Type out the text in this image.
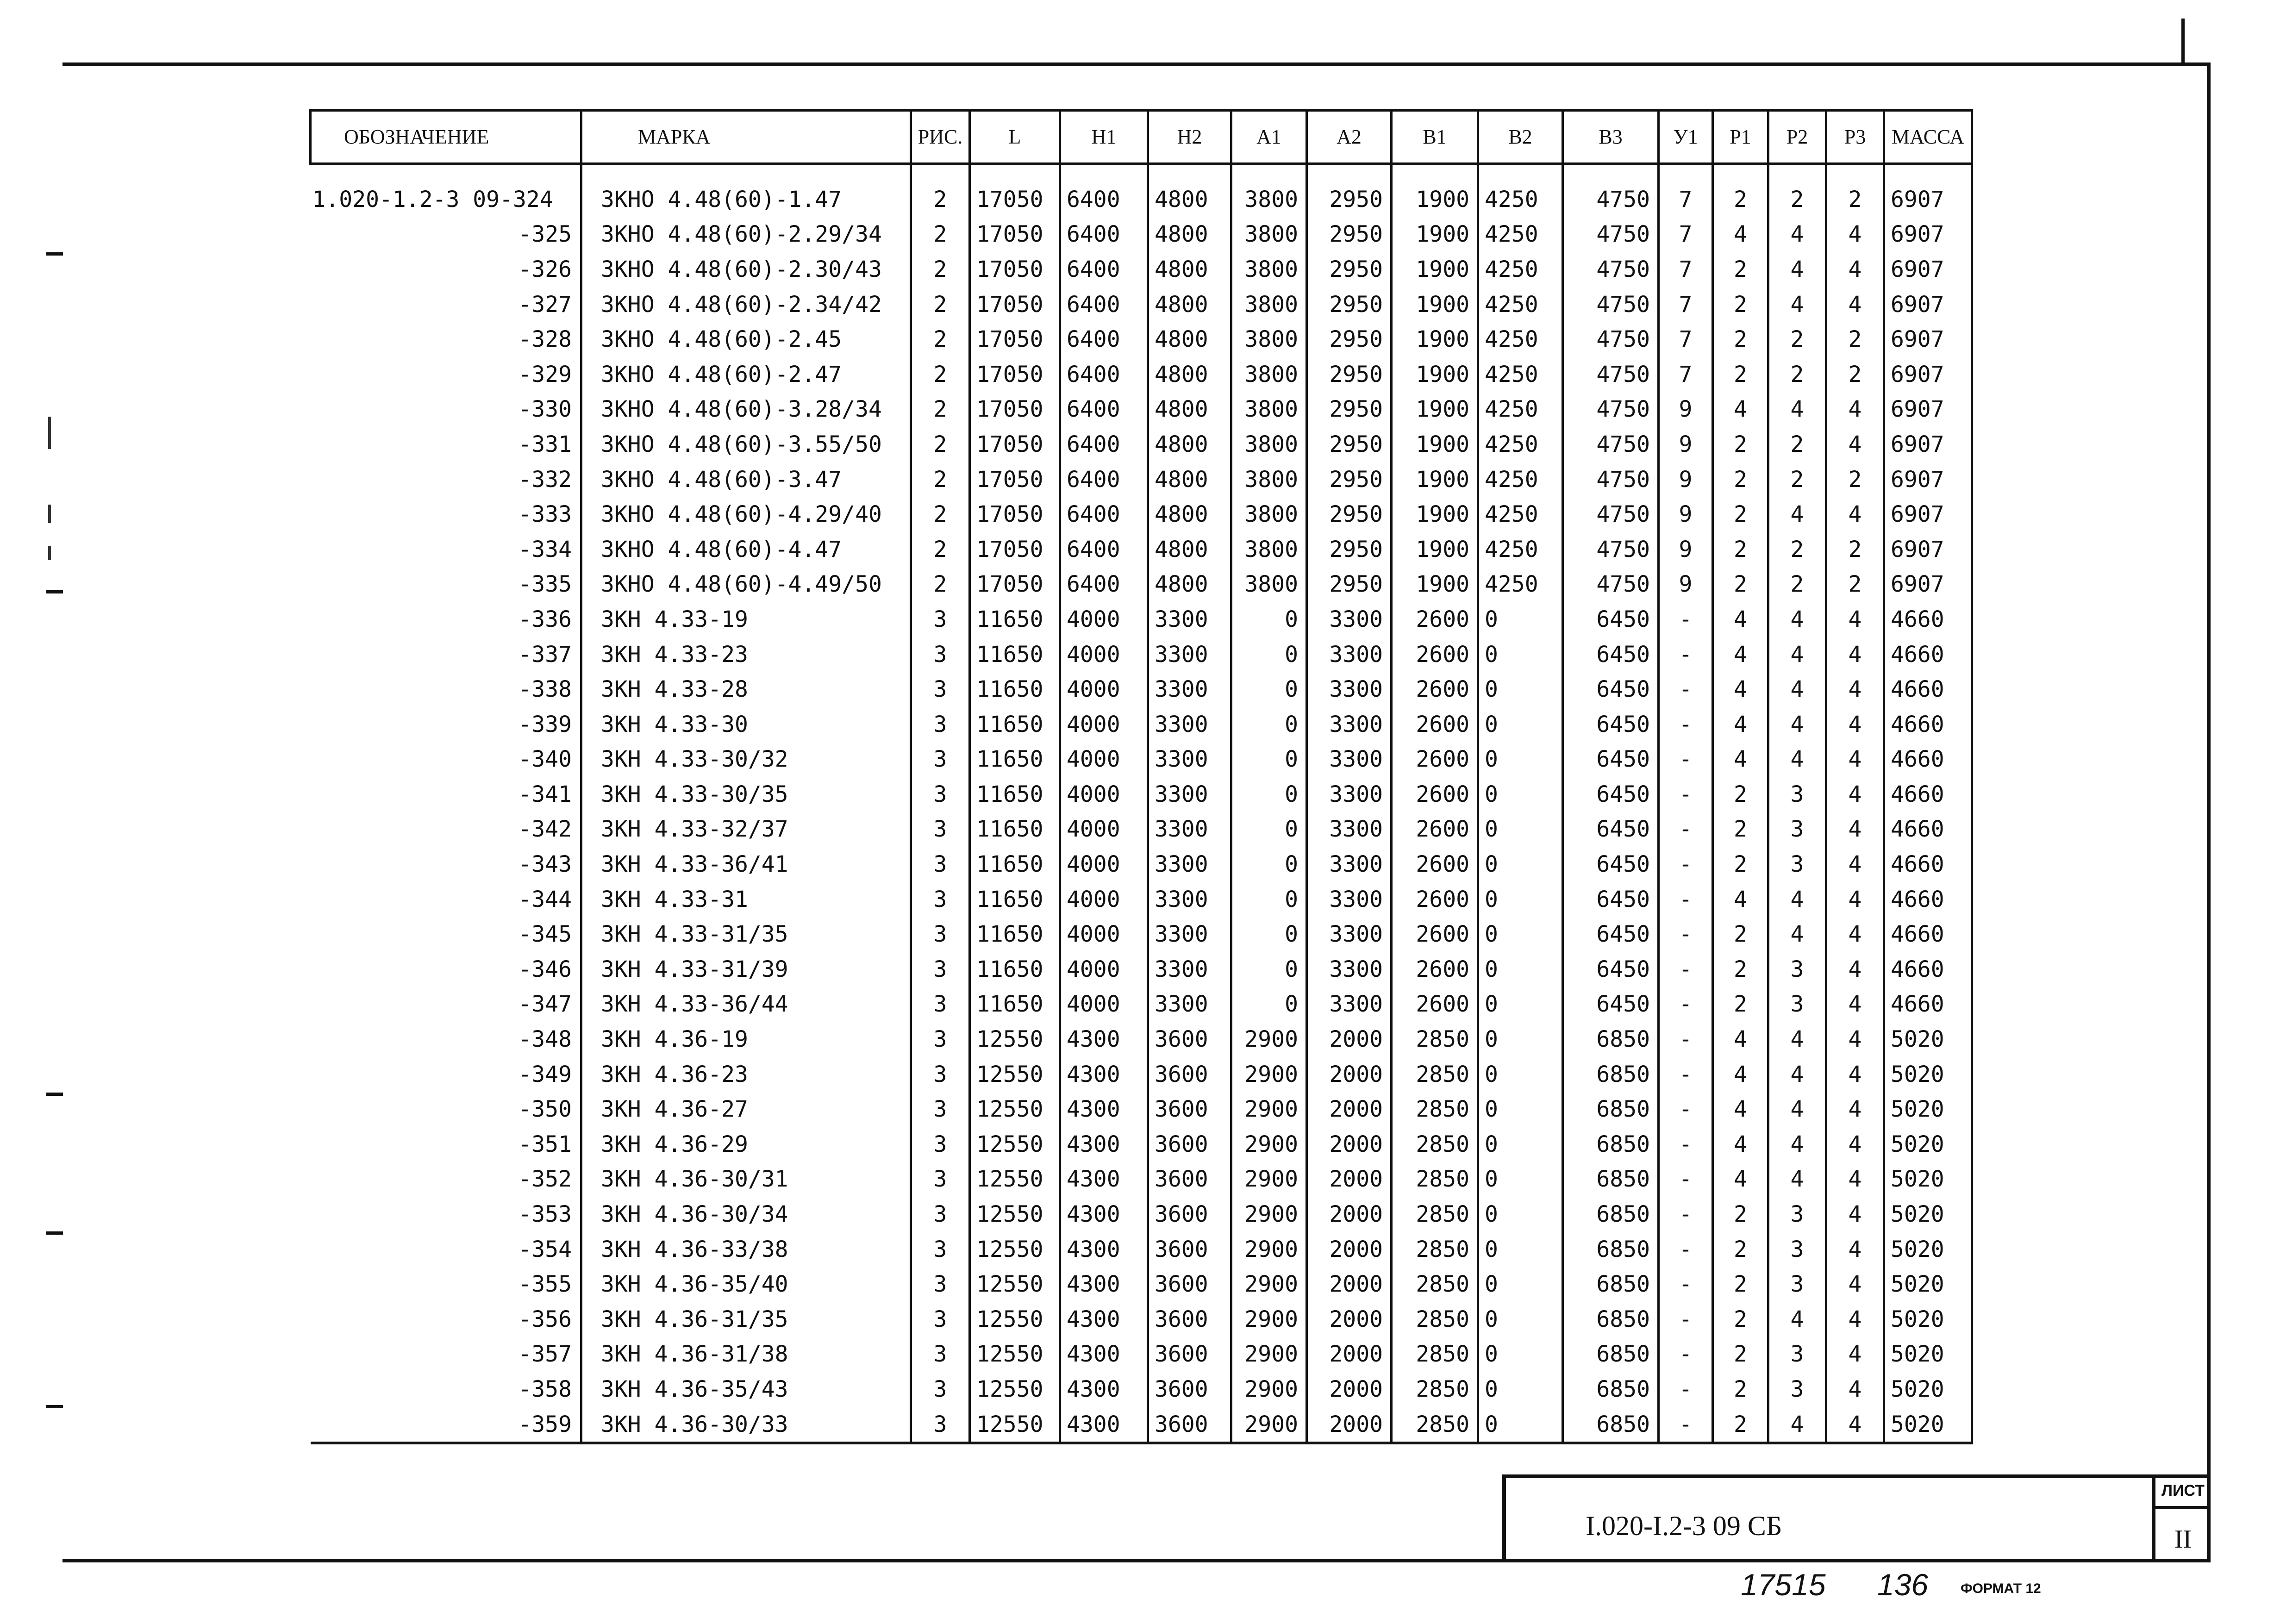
ОБОЗНАЧЕНИЕ	МАРКА	РИС.	L	H1	H2	A1	A2	B1	B2	B3	У1	P1	P2	P3	МАССА

1.020-1.2-3 09-324	3КНО 4.48(60)-1.47	2	17050	6400	4800	3800	2950	1900	4250	4750	7	2	2	2	6907
-325	3КНО 4.48(60)-2.29/34	2	17050	6400	4800	3800	2950	1900	4250	4750	7	4	4	4	6907
-326	3КНО 4.48(60)-2.30/43	2	17050	6400	4800	3800	2950	1900	4250	4750	7	2	4	4	6907
-327	3КНО 4.48(60)-2.34/42	2	17050	6400	4800	3800	2950	1900	4250	4750	7	2	4	4	6907
-328	3КНО 4.48(60)-2.45	2	17050	6400	4800	3800	2950	1900	4250	4750	7	2	2	2	6907
-329	3КНО 4.48(60)-2.47	2	17050	6400	4800	3800	2950	1900	4250	4750	7	2	2	2	6907
-330	3КНО 4.48(60)-3.28/34	2	17050	6400	4800	3800	2950	1900	4250	4750	9	4	4	4	6907
-331	3КНО 4.48(60)-3.55/50	2	17050	6400	4800	3800	2950	1900	4250	4750	9	2	2	4	6907
-332	3КНО 4.48(60)-3.47	2	17050	6400	4800	3800	2950	1900	4250	4750	9	2	2	2	6907
-333	3КНО 4.48(60)-4.29/40	2	17050	6400	4800	3800	2950	1900	4250	4750	9	2	4	4	6907
-334	3КНО 4.48(60)-4.47	2	17050	6400	4800	3800	2950	1900	4250	4750	9	2	2	2	6907
-335	3КНО 4.48(60)-4.49/50	2	17050	6400	4800	3800	2950	1900	4250	4750	9	2	2	2	6907
-336	3КН 4.33-19	3	11650	4000	3300	0	3300	2600	0	6450	-	4	4	4	4660
-337	3КН 4.33-23	3	11650	4000	3300	0	3300	2600	0	6450	-	4	4	4	4660
-338	3КН 4.33-28	3	11650	4000	3300	0	3300	2600	0	6450	-	4	4	4	4660
-339	3КН 4.33-30	3	11650	4000	3300	0	3300	2600	0	6450	-	4	4	4	4660
-340	3КН 4.33-30/32	3	11650	4000	3300	0	3300	2600	0	6450	-	4	4	4	4660
-341	3КН 4.33-30/35	3	11650	4000	3300	0	3300	2600	0	6450	-	2	3	4	4660
-342	3КН 4.33-32/37	3	11650	4000	3300	0	3300	2600	0	6450	-	2	3	4	4660
-343	3КН 4.33-36/41	3	11650	4000	3300	0	3300	2600	0	6450	-	2	3	4	4660
-344	3КН 4.33-31	3	11650	4000	3300	0	3300	2600	0	6450	-	4	4	4	4660
-345	3КН 4.33-31/35	3	11650	4000	3300	0	3300	2600	0	6450	-	2	4	4	4660
-346	3КН 4.33-31/39	3	11650	4000	3300	0	3300	2600	0	6450	-	2	3	4	4660
-347	3КН 4.33-36/44	3	11650	4000	3300	0	3300	2600	0	6450	-	2	3	4	4660
-348	3КН 4.36-19	3	12550	4300	3600	2900	2000	2850	0	6850	-	4	4	4	5020
-349	3КН 4.36-23	3	12550	4300	3600	2900	2000	2850	0	6850	-	4	4	4	5020
-350	3КН 4.36-27	3	12550	4300	3600	2900	2000	2850	0	6850	-	4	4	4	5020
-351	3КН 4.36-29	3	12550	4300	3600	2900	2000	2850	0	6850	-	4	4	4	5020
-352	3КН 4.36-30/31	3	12550	4300	3600	2900	2000	2850	0	6850	-	4	4	4	5020
-353	3КН 4.36-30/34	3	12550	4300	3600	2900	2000	2850	0	6850	-	2	3	4	5020
-354	3КН 4.36-33/38	3	12550	4300	3600	2900	2000	2850	0	6850	-	2	3	4	5020
-355	3КН 4.36-35/40	3	12550	4300	3600	2900	2000	2850	0	6850	-	2	3	4	5020
-356	3КН 4.36-31/35	3	12550	4300	3600	2900	2000	2850	0	6850	-	2	4	4	5020
-357	3КН 4.36-31/38	3	12550	4300	3600	2900	2000	2850	0	6850	-	2	3	4	5020
-358	3КН 4.36-35/43	3	12550	4300	3600	2900	2000	2850	0	6850	-	2	3	4	5020
-359	3КН 4.36-30/33	3	12550	4300	3600	2900	2000	2850	0	6850	-	2	4	4	5020
I.020-I.2-3 09 СБ
ЛИСТ
II
17515 136 ФОРМАТ 12
